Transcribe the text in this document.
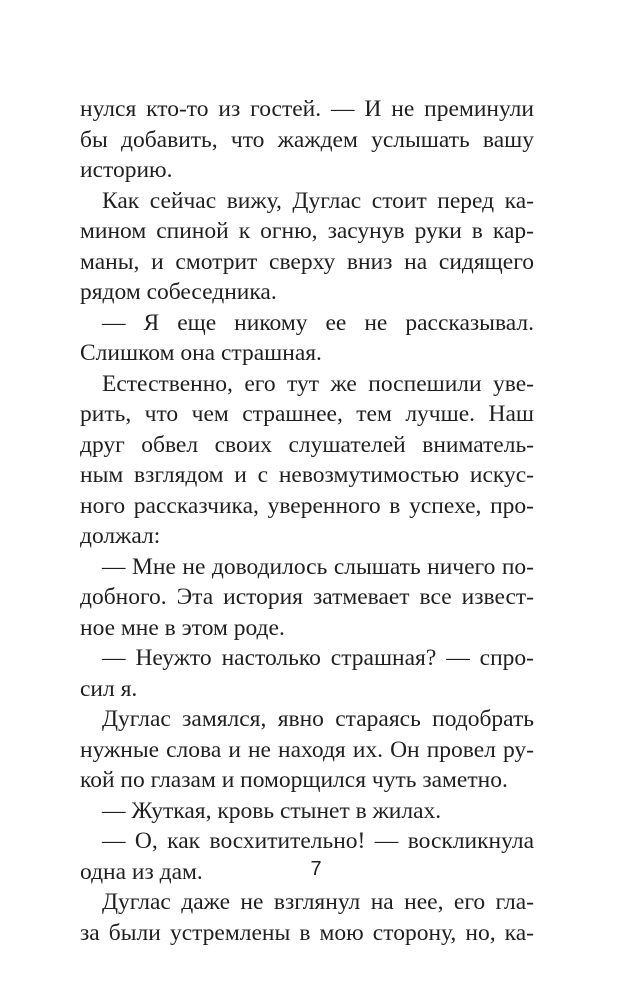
нулся кто-то из гостей. — И не преминули
бы добавить, что жаждем услышать вашу
историю.
Как сейчас вижу, Дуглас стоит перед ка-
мином спиной к огню, засунув руки в кар-
маны, и смотрит сверху вниз на сидящего
рядом собеседника.
— Я еще никому ее не рассказывал.
Слишком она страшная.
Естественно, его тут же поспешили уве-
рить, что чем страшнее, тем лучше. Наш
друг обвел своих слушателей вниматель-
ным взглядом и с невозмутимостью искус-
ного рассказчика, уверенного в успехе, про-
должал:
— Мне не доводилось слышать ничего по-
добного. Эта история затмевает все извест-
ное мне в этом роде.
— Неужто настолько страшная? — спро-
сил я.
Дуглас замялся, явно стараясь подобрать
нужные слова и не находя их. Он провел ру-
кой по глазам и поморщился чуть заметно.
— Жуткая, кровь стынет в жилах.
— О, как восхитительно! — воскликнула
одна из дам.
Дуглас даже не взглянул на нее, его гла-
за были устремлены в мою сторону, но, ка-
7
